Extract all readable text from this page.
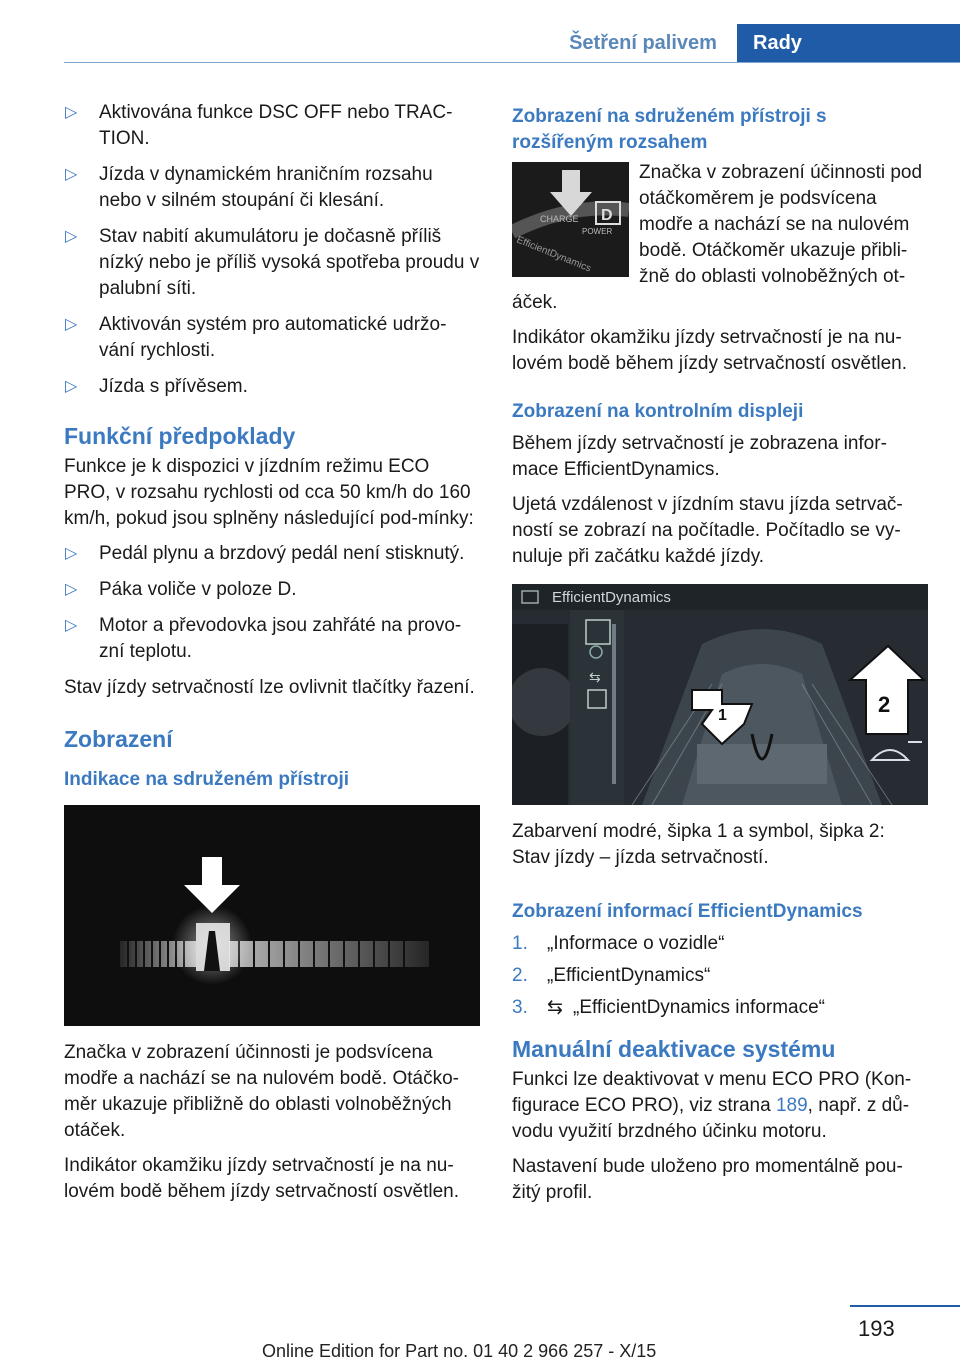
Šetření palivem	Rady
▷ Aktivována funkce DSC OFF nebo TRAC-TION.
▷ Jízda v dynamickém hraničním rozsahu nebo v silném stoupání či klesání.
▷ Stav nabití akumulátoru je dočasně příliš nízký nebo je příliš vysoká spotřeba proudu v palubní síti.
▷ Aktivován systém pro automatické udržo-vání rychlosti.
▷ Jízda s přívěsem.
Funkční předpoklady

Funkce je k dispozici v jízdním režimu ECO PRO, v rozsahu rychlosti od cca 50 km/h do 160 km/h, pokud jsou splněny následující pod-mínky:

▷ Pedál plynu a brzdový pedál není stisknutý.
▷ Páka voliče v poloze D.
▷ Motor a převodovka jsou zahřáté na provo-zní teplotu.

Stav jízdy setrvačností lze ovlivnit tlačítky řazení.

Zobrazení
Indikace na sdruženém přístroji

Značka v zobrazení účinnosti je podsvícena modře a nachází se na nulovém bodě. Otáčko-měr ukazuje přibližně do oblasti volnoběžných otáček.

Indikátor okamžiku jízdy setrvačností je na nu-lovém bodě během jízdy setrvačností osvětlen.

Zobrazení na sdruženém přístroji s rozšířeným rozsahem
D
CHARGE
POWER
EfficientDynamics

Značka v zobrazení účinnosti pod otáčkoměrem je podsvícena modře a nachází se na nulovém bodě. Otáčkoměr ukazuje přibli-žně do oblasti volnoběžných ot-áček.

Indikátor okamžiku jízdy setrvačností je na nu-lovém bodě během jízdy setrvačností osvětlen.

Zobrazení na kontrolním displeji

Během jízdy setrvačností je zobrazena infor-mace EfficientDynamics.

Ujetá vzdálenost v jízdním stavu jízda setrvač-ností se zobrazí na počítadle. Počítadlo se vy-nuluje při začátku každé jízdy.

EfficientDynamics
⇆
1	2

Zabarvení modré, šipka 1 a symbol, šipka 2: Stav jízdy – jízda setrvačností.

Zobrazení informací EfficientDynamics
1. „Informace o vozidle“
2. „EfficientDynamics“
3. ⇆ „EfficientDynamics informace“
Manuální deaktivace systému

Funkci lze deaktivovat v menu ECO PRO (Kon-figurace ECO PRO), viz strana 189, např. z dů-vodu využití brzdného účinku motoru.

Nastavení bude uloženo pro momentálně pou-žitý profil.

193
Online Edition for Part no. 01 40 2 966 257 - X/15
